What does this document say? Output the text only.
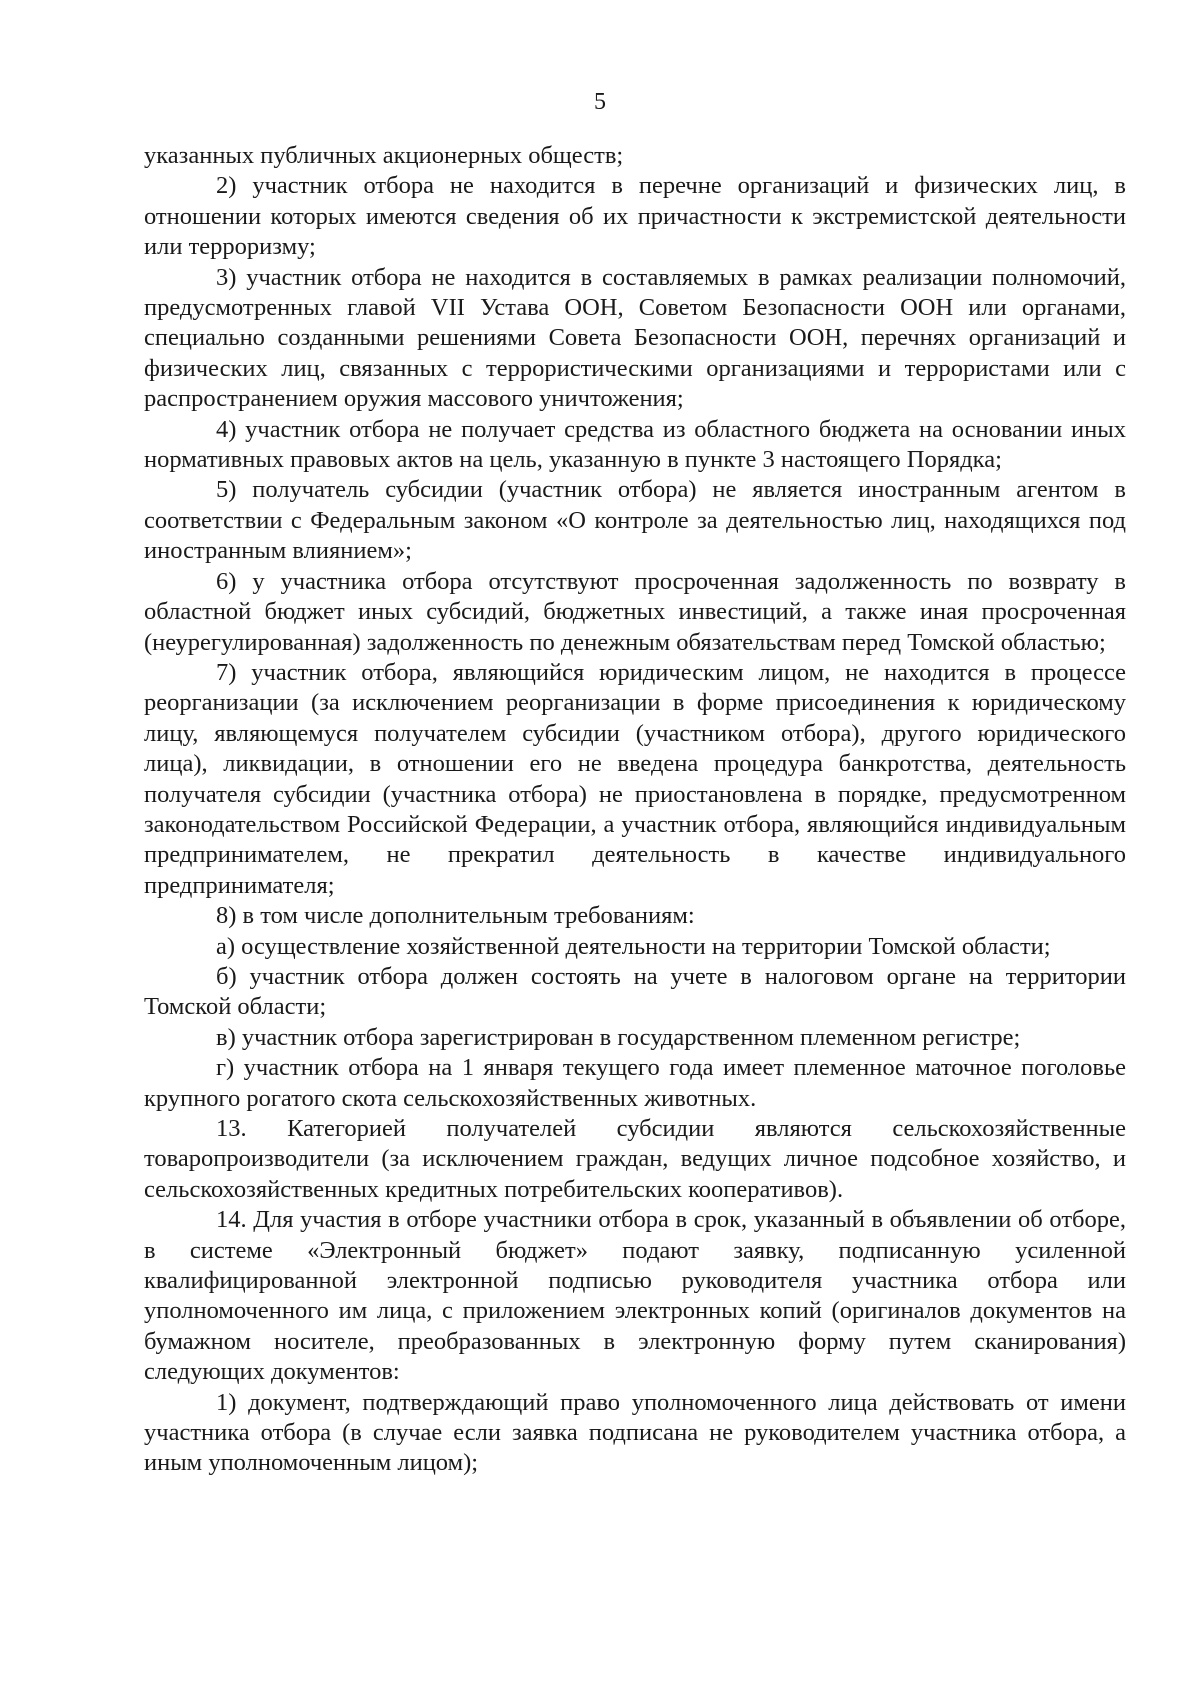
5

указанных публичных акционерных обществ;

2) участник отбора не находится в перечне организаций и физических лиц, в отношении которых имеются сведения об их причастности к экстремистской деятельности или терроризму;

3) участник отбора не находится в составляемых в рамках реализации полномочий, предусмотренных главой VII Устава ООН, Советом Безопасности ООН или органами, специально созданными решениями Совета Безопасности ООН, перечнях организаций и физических лиц, связанных с террористическими организациями и террористами или с распространением оружия массового уничтожения;

4) участник отбора не получает средства из областного бюджета на основании иных нормативных правовых актов на цель, указанную в пункте 3 настоящего Порядка;

5) получатель субсидии (участник отбора) не является иностранным агентом в соответствии с Федеральным законом «О контроле за деятельностью лиц, находящихся под иностранным влиянием»;

6) у участника отбора отсутствуют просроченная задолженность по возврату в областной бюджет иных субсидий, бюджетных инвестиций, а также иная просроченная (неурегулированная) задолженность по денежным обязательствам перед Томской областью;

7) участник отбора, являющийся юридическим лицом, не находится в процессе реорганизации (за исключением реорганизации в форме присоединения к юридическому лицу, являющемуся получателем субсидии (участником отбора), другого юридического лица), ликвидации, в отношении его не введена процедура банкротства, деятельность получателя субсидии (участника отбора) не приостановлена в порядке, предусмотренном законодательством Российской Федерации, а участник отбора, являющийся индивидуальным предпринимателем, не прекратил деятельность в качестве индивидуального предпринимателя;

8) в том числе дополнительным требованиям:

а) осуществление хозяйственной деятельности на территории Томской области;

б) участник отбора должен состоять на учете в налоговом органе на территории Томской области;

в) участник отбора зарегистрирован в государственном племенном регистре;

г) участник отбора на 1 января текущего года имеет племенное маточное поголовье крупного рогатого скота сельскохозяйственных животных.

13. Категорией получателей субсидии являются сельскохозяйственные товаропроизводители (за исключением граждан, ведущих личное подсобное хозяйство, и сельскохозяйственных кредитных потребительских кооперативов).

14. Для участия в отборе участники отбора в срок, указанный в объявлении об отборе, в системе «Электронный бюджет» подают заявку, подписанную усиленной квалифицированной электронной подписью руководителя участника отбора или уполномоченного им лица, с приложением электронных копий (оригиналов документов на бумажном носителе, преобразованных в электронную форму путем сканирования) следующих документов:

1) документ, подтверждающий право уполномоченного лица действовать от имени участника отбора (в случае если заявка подписана не руководителем участника отбора, а иным уполномоченным лицом);
